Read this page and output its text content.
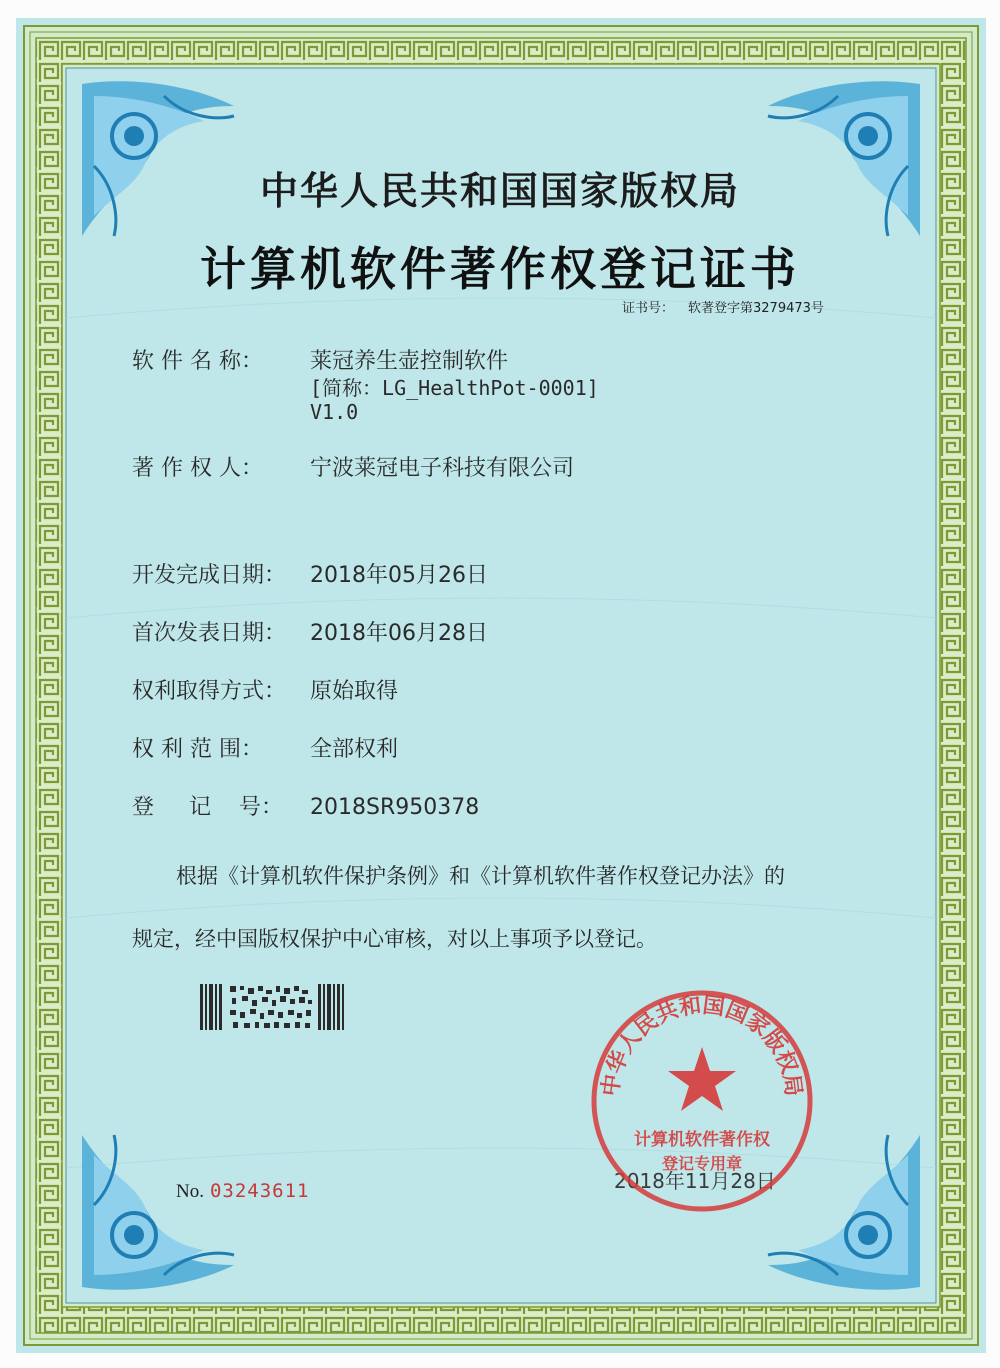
中华人民共和国国家版权局
计算机软件著作权登记证书
证书号： 软著登字第3279473号
软 件 名 称： 莱冠养生壶控制软件
[简称：LG_HealthPot-0001]
V1.0
著 作 权 人： 宁波莱冠电子科技有限公司
开发完成日期： 2018年05月26日
首次发表日期： 2018年06月28日
权利取得方式： 原始取得
权 利 范 围： 全部权利
登     记    号： 2018SR950378
根据《计算机软件保护条例》和《计算机软件著作权登记办法》的
规定，经中国版权保护中心审核，对以上事项予以登记。
2018年11月28日
中华人民共和国国家版权局
计算机软件著作权
登记专用章
No. 03243611
